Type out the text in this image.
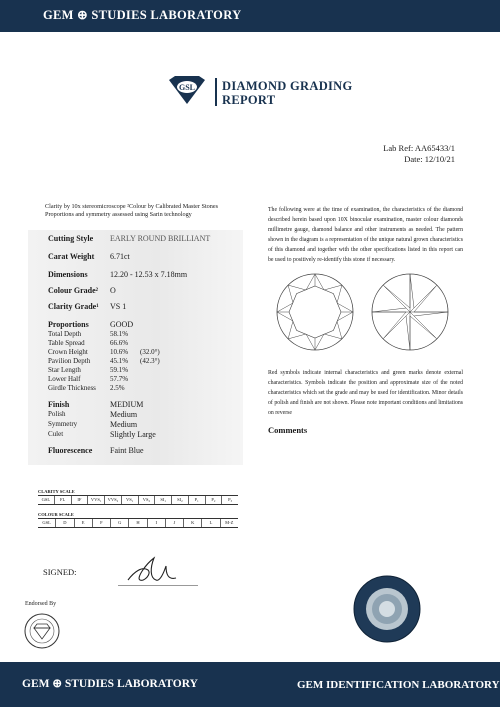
GEM ⊕ STUDIES LABORATORY
GSL DIAMOND GRADING
REPORT
Lab Ref: AA65433/1
Date: 12/10/21
Clarity by 10x stereomicroscope ²Colour by Calibrated Master Stones
Proportions and symmetry assessed using Sarin technology
Cutting Style EARLY ROUND BRILLIANT
Carat Weight 6.71ct
Dimensions	12.20 - 12.53 x 7.18mm
Colour Grade² O
Clarity Grade¹ VS 1
Proportions	GOOD
Total Depth	58.1%
Table Spread	66.6%
Crown Height	10.6% (32.0°)
Pavilion Depth	45.1% (42.3°)
Star Length	59.1%
Lower Half	57.7%
Girdle Thickness 2.5%
Finish	MEDIUM
Polish	Medium
Symmetry	Medium
Culet	Slightly Large
Fluorescence Faint Blue
The following were at the time of examination, the characteristics of the diamond described herein based upon 10X binocular examination, master colour diamonds millimetre gauge, diamond balance and other instruments as needed. The pattern shown in the diagram is a representation of the unique natural grown characteristics of this diamond and together with the other specifications listed in this report can be used to positively re-identify this stone if necessary.
Red symbols indicate internal characteristics and green marks denote external characteristics. Symbols indicate the position and approximate size of the noted characteristics which set the grade and may be used for identification. Minor details of polish and finish are not shown. Please note important conditions and limitations on reverse
Comments
CLARITY SCALE
GSL	FL	IF	VVS₁	VVS₂	VS₁	VS₂	SI₁	SI₂	P₁	P₂	P₃
COLOUR SCALE
GSL	D	E	F	G	H	I	J	K	L	M-Z
SIGNED:
Endorsed By
GEM ⊕ STUDIES LABORATORY	GEM IDENTIFICATION LABORATORY
